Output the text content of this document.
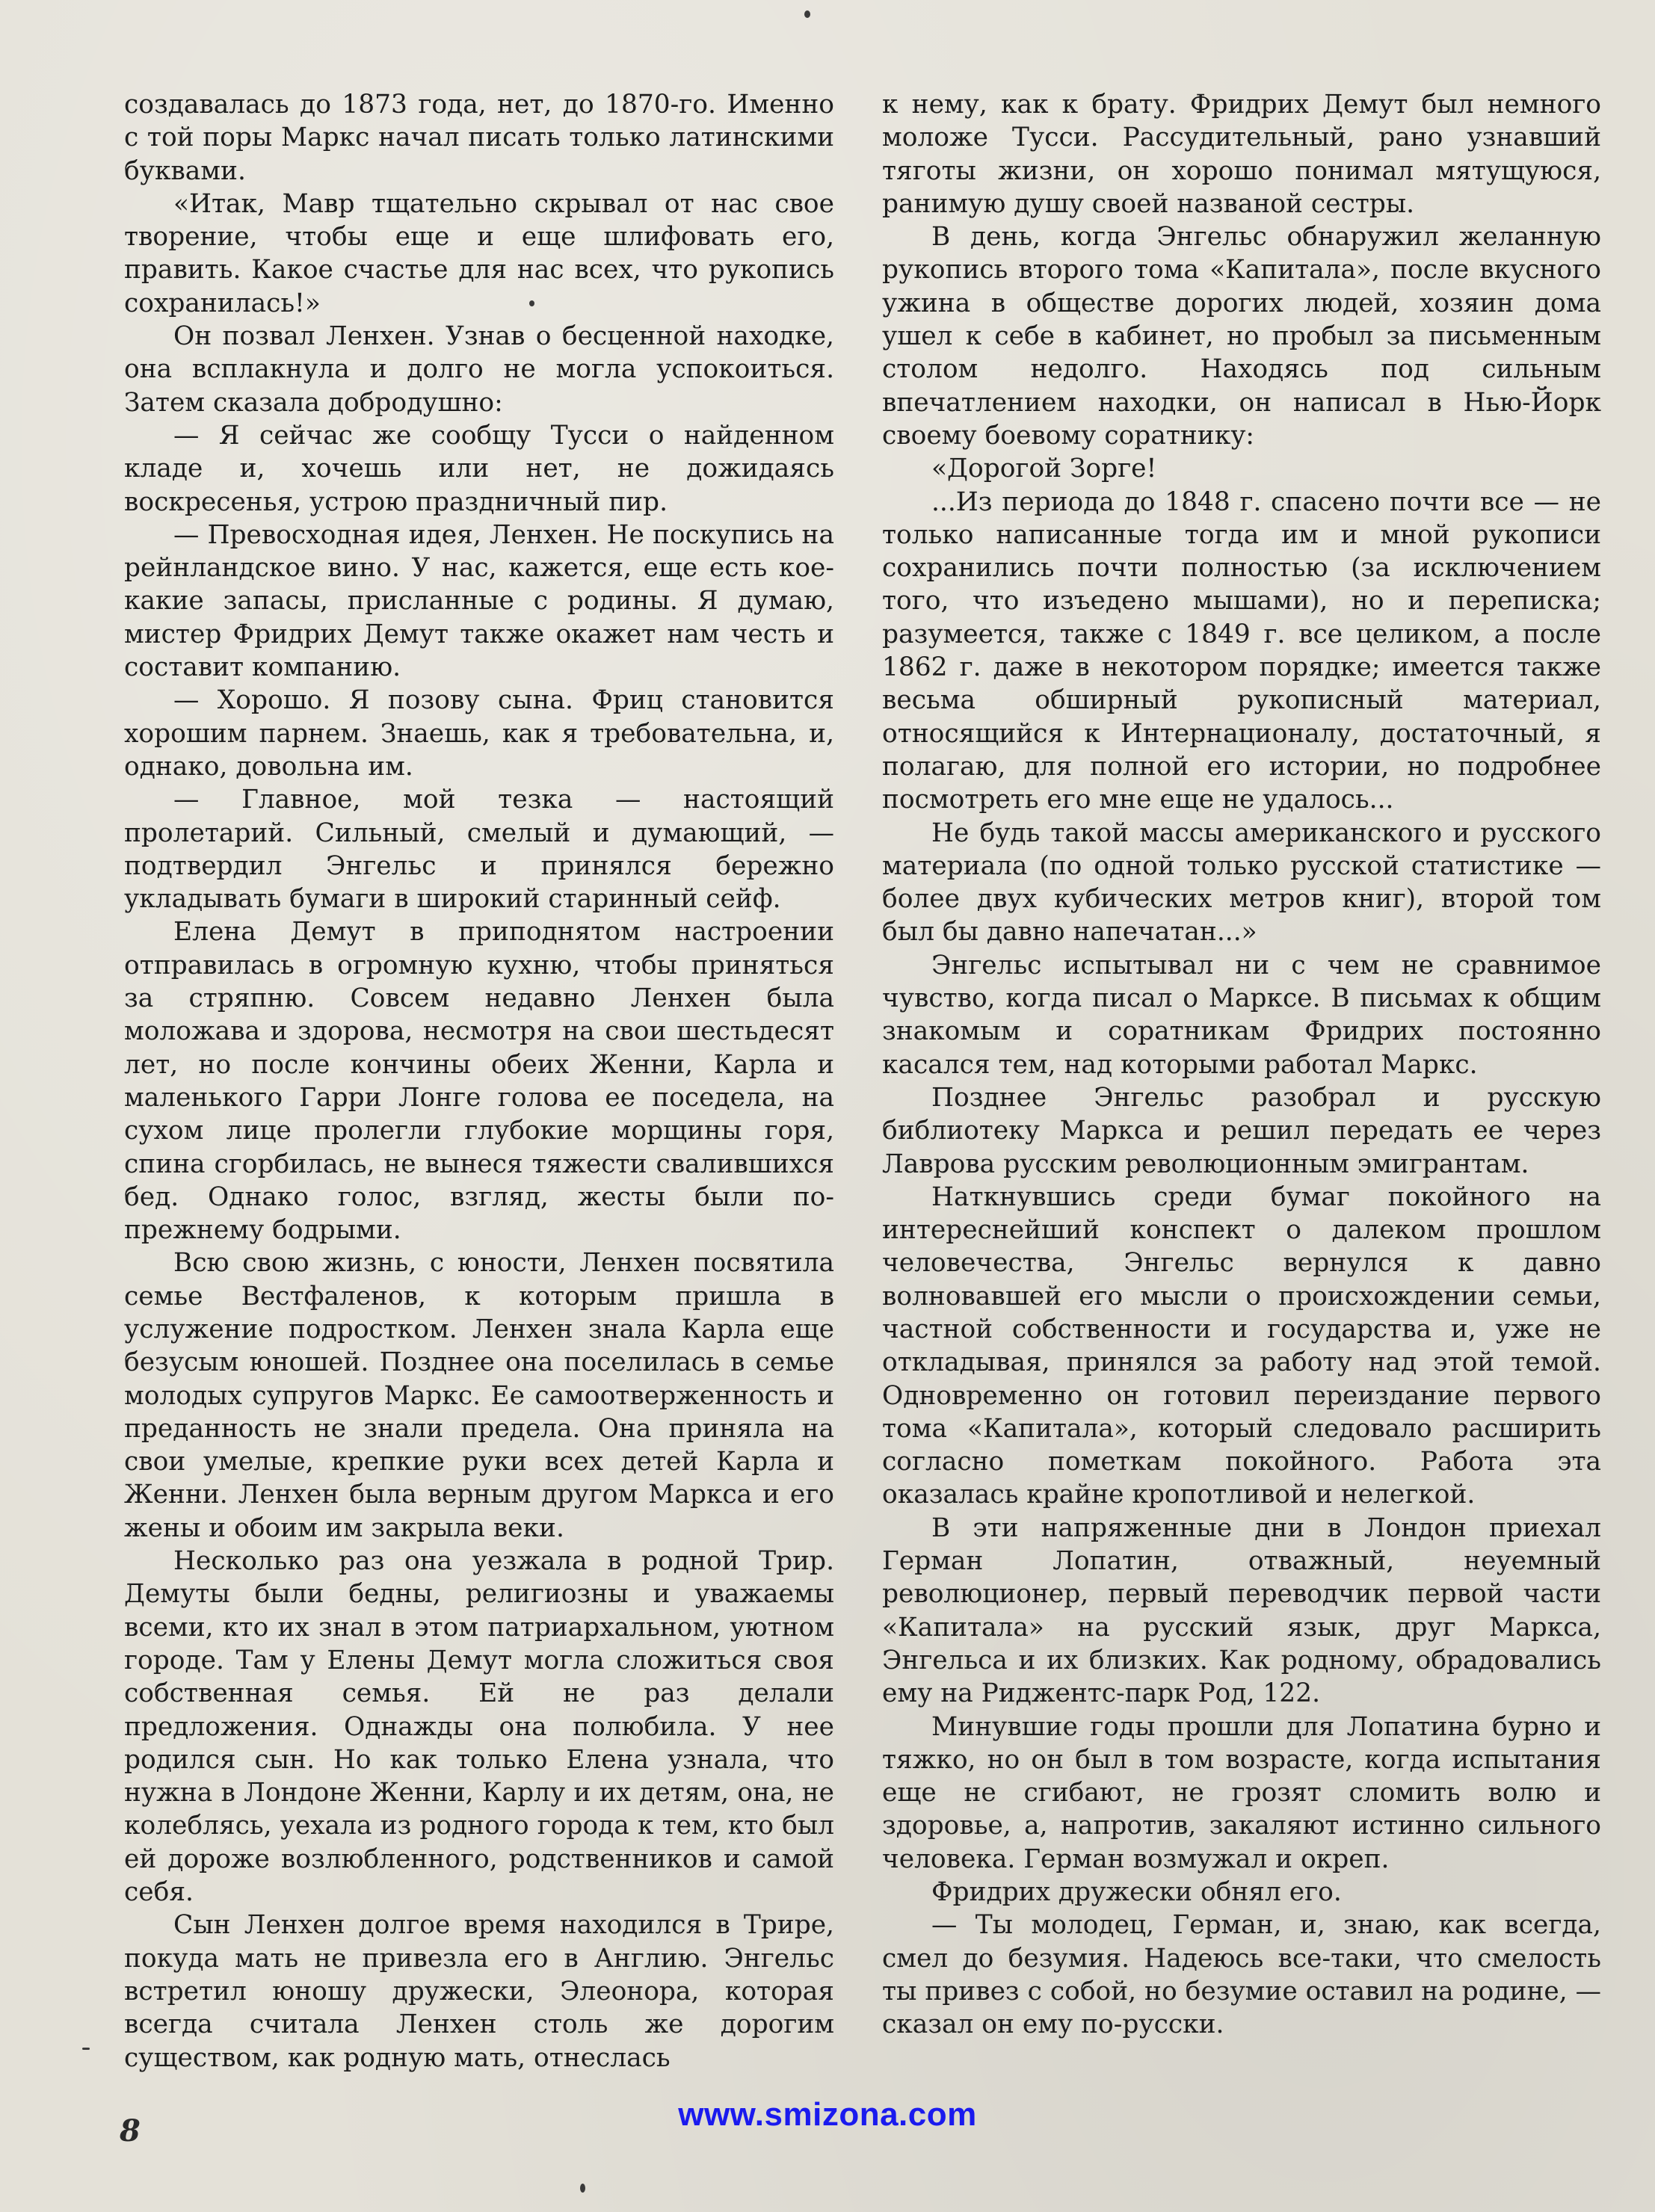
создавалась до 1873 года, нет, до 1870-го. Именно с той поры Маркс начал писать только латинскими буквами.

«Итак, Мавр тщательно скрывал от нас свое творение, чтобы еще и еще шлифовать его, править. Какое счастье для нас всех, что рукопись сохранилась!»

Он позвал Ленхен. Узнав о бесценной находке, она всплакнула и долго не могла успокоиться. Затем сказала добродушно:

— Я сейчас же сообщу Тусси о найденном кладе и, хочешь или нет, не дожидаясь воскресенья, устрою праздничный пир.

— Превосходная идея, Ленхен. Не поскупись на рейнландское вино. У нас, кажется, еще есть кое-какие запасы, присланные с родины. Я думаю, мистер Фридрих Демут также окажет нам честь и составит компанию.

— Хорошо. Я позову сына. Фриц становится хорошим парнем. Знаешь, как я требовательна, и, однако, довольна им.

— Главное, мой тезка — настоящий пролетарий. Сильный, смелый и думающий, — подтвердил Энгельс и принялся бережно укладывать бумаги в широкий старинный сейф.

Елена Демут в приподнятом настроении отправилась в огромную кухню, чтобы приняться за стряпню. Совсем недавно Ленхен была моложава и здорова, несмотря на свои шестьдесят лет, но после кончины обеих Женни, Карла и маленького Гарри Лонге голова ее поседела, на сухом лице пролегли глубокие морщины горя, спина сгорбилась, не вынеся тяжести свалившихся бед. Однако голос, взгляд, жесты были по-прежнему бодрыми.

Всю свою жизнь, с юности, Ленхен посвятила семье Вестфаленов, к которым пришла в услужение подростком. Ленхен знала Карла еще безусым юношей. Позднее она поселилась в семье молодых супругов Маркс. Ее самоотверженность и преданность не знали предела. Она приняла на свои умелые, крепкие руки всех детей Карла и Женни. Ленхен была верным другом Маркса и его жены и обоим им закрыла веки.

Несколько раз она уезжала в родной Трир. Демуты были бедны, религиозны и уважаемы всеми, кто их знал в этом патриархальном, уютном городе. Там у Елены Демут могла сложиться своя собственная семья. Ей не раз делали предложения. Однажды она полюбила. У нее родился сын. Но как только Елена узнала, что нужна в Лондоне Женни, Карлу и их детям, она, не колеблясь, уехала из родного города к тем, кто был ей дороже возлюбленного, родственников и самой себя.

Сын Ленхен долгое время находился в Трире, покуда мать не привезла его в Англию. Энгельс встретил юношу дружески, Элеонора, которая всегда считала Ленхен столь же дорогим существом, как родную мать, отнеслась

к нему, как к брату. Фридрих Демут был немного моложе Тусси. Рассудительный, рано узнавший тяготы жизни, он хорошо понимал мятущуюся, ранимую душу своей названой сестры.

В день, когда Энгельс обнаружил желанную рукопись второго тома «Капитала», после вкусного ужина в обществе дорогих людей, хозяин дома ушел к себе в кабинет, но пробыл за письменным столом недолго. Находясь под сильным впечатлением находки, он написал в Нью-Йорк своему боевому соратнику:

«Дорогой Зорге!

...Из периода до 1848 г. спасено почти все — не только написанные тогда им и мной рукописи сохранились почти полностью (за исключением того, что изъедено мышами), но и переписка; разумеется, также с 1849 г. все целиком, а после 1862 г. даже в некотором порядке; имеется также весьма обширный рукописный материал, относящийся к Интернационалу, достаточный, я полагаю, для полной его истории, но подробнее посмотреть его мне еще не удалось...

Не будь такой массы американского и русского материала (по одной только русской статистике — более двух кубических метров книг), второй том был бы давно напечатан...»

Энгельс испытывал ни с чем не сравнимое чувство, когда писал о Марксе. В письмах к общим знакомым и соратникам Фридрих постоянно касался тем, над которыми работал Маркс.

Позднее Энгельс разобрал и русскую библиотеку Маркса и решил передать ее через Лаврова русским революционным эмигрантам.

Наткнувшись среди бумаг покойного на интереснейший конспект о далеком прошлом человечества, Энгельс вернулся к давно волновавшей его мысли о происхождении семьи, частной собственности и государства и, уже не откладывая, принялся за работу над этой темой. Одновременно он готовил переиздание первого тома «Капитала», который следовало расширить согласно пометкам покойного. Работа эта оказалась крайне кропотливой и нелегкой.

В эти напряженные дни в Лондон приехал Герман Лопатин, отважный, неуемный революционер, первый переводчик первой части «Капитала» на русский язык, друг Маркса, Энгельса и их близких. Как родному, обрадовались ему на Риджентс-парк Род, 122.

Минувшие годы прошли для Лопатина бурно и тяжко, но он был в том возрасте, когда испытания еще не сгибают, не грозят сломить волю и здоровье, а, напротив, закаляют истинно сильного человека. Герман возмужал и окреп.

Фридрих дружески обнял его.

— Ты молодец, Герман, и, знаю, как всегда, смел до безумия. Надеюсь все-таки, что смелость ты привез с собой, но безумие оставил на родине, — сказал он ему по-русски.

www.smizona.com
8
